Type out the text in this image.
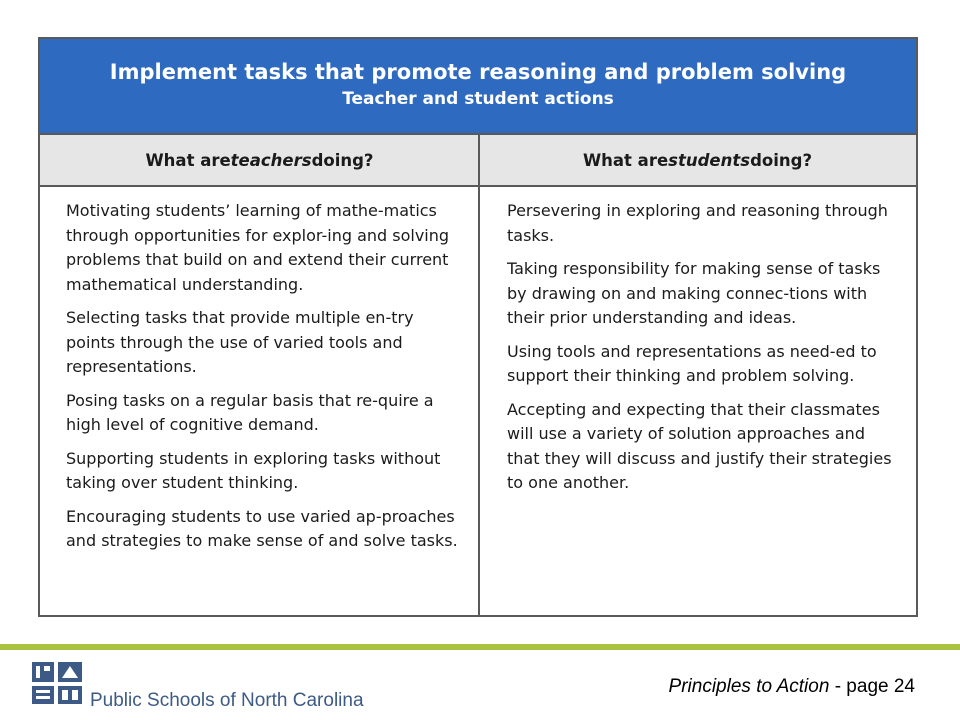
Implement tasks that promote reasoning and problem solving
Teacher and student actions
What are teachers doing?	What are students doing?

Motivating students’ learning of mathe-matics through opportunities for explor-ing and solving problems that build on and extend their current mathematical understanding.

Selecting tasks that provide multiple en-try points through the use of varied tools and representations.

Posing tasks on a regular basis that re-quire a high level of cognitive demand.

Supporting students in exploring tasks without taking over student thinking.

Encouraging students to use varied ap-proaches and strategies to make sense of and solve tasks.

Persevering in exploring and reasoning through tasks.

Taking responsibility for making sense of tasks by drawing on and making connec-tions with their prior understanding and ideas.

Using tools and representations as need-ed to support their thinking and problem solving.

Accepting and expecting that their classmates will use a variety of solution approaches and that they will discuss and justify their strategies to one another.

Public Schools of North Carolina
Principles to Action - page 24
